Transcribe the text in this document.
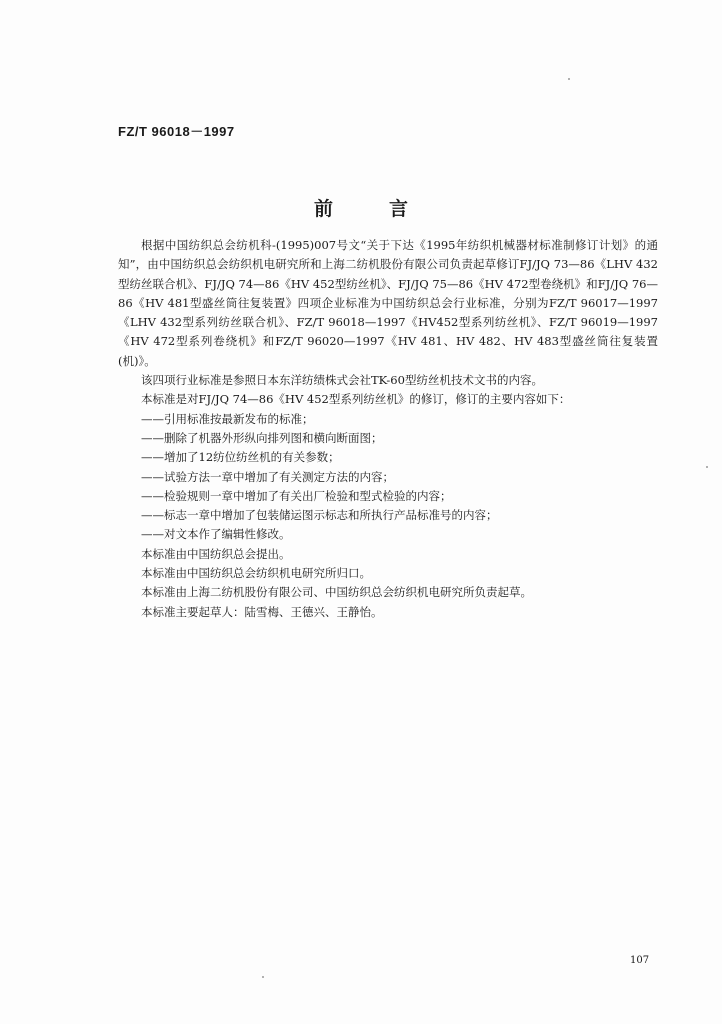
FZ/T 96018－1997
前	言

根据中国纺织总会纺机科-(1995)007号文“关于下达《1995年纺织机械器材标准制修订计划》的通知”，由中国纺织总会纺织机电研究所和上海二纺机股份有限公司负责起草修订FJ/JQ 73—86《LHV 432型纺丝联合机》、FJ/JQ 74—86《HV 452型纺丝机》、FJ/JQ 75—86《HV 472型卷绕机》和FJ/JQ 76—86《HV 481型盛丝筒往复装置》四项企业标准为中国纺织总会行业标准，分别为FZ/T 96017—1997《LHV 432型系列纺丝联合机》、FZ/T 96018—1997《HV452型系列纺丝机》、FZ/T 96019—1997《HV 472型系列卷绕机》和FZ/T 96020—1997《HV 481、HV 482、HV 483型盛丝筒往复装置(机)》。

该四项行业标准是参照日本东洋纺绩株式会社TK-60型纺丝机技术文书的内容。

本标准是对FJ/JQ 74—86《HV 452型系列纺丝机》的修订，修订的主要内容如下：

——引用标准按最新发布的标准；

——删除了机器外形纵向排列图和横向断面图；

——增加了12纺位纺丝机的有关参数；

——试验方法一章中增加了有关测定方法的内容；

——检验规则一章中增加了有关出厂检验和型式检验的内容；

——标志一章中增加了包装储运图示标志和所执行产品标准号的内容；

——对文本作了编辑性修改。

本标准由中国纺织总会提出。

本标准由中国纺织总会纺织机电研究所归口。

本标准由上海二纺机股份有限公司、中国纺织总会纺织机电研究所负责起草。

本标准主要起草人：陆雪梅、王德兴、王静怡。

107
